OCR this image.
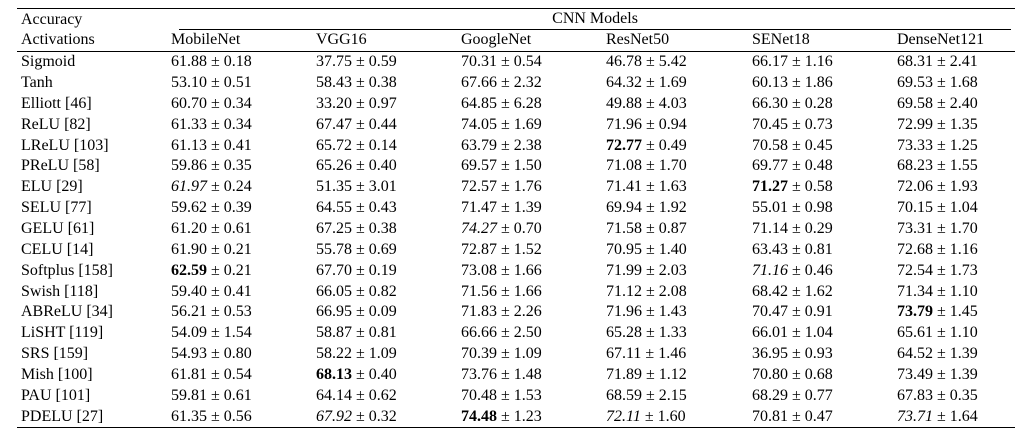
Accuracy	CNN Models					

Activations	MobileNet	VGG16	GoogleNet	ResNet50	SENet18	DenseNet121
Sigmoid	61.88 ± 0.18	37.75 ± 0.59	70.31 ± 0.54	46.78 ± 5.42	66.17 ± 1.16	68.31 ± 2.41
Tanh	53.10 ± 0.51	58.43 ± 0.38	67.66 ± 2.32	64.32 ± 1.69	60.13 ± 1.86	69.53 ± 1.68
Elliott [46]	60.70 ± 0.34	33.20 ± 0.97	64.85 ± 6.28	49.88 ± 4.03	66.30 ± 0.28	69.58 ± 2.40
ReLU [82]	61.33 ± 0.34	67.47 ± 0.44	74.05 ± 1.69	71.96 ± 0.94	70.45 ± 0.73	72.99 ± 1.35
LReLU [103]	61.13 ± 0.41	65.72 ± 0.14	63.79 ± 2.38	72.77 ± 0.49	70.58 ± 0.45	73.33 ± 1.25
PReLU [58]	59.86 ± 0.35	65.26 ± 0.40	69.57 ± 1.50	71.08 ± 1.70	69.77 ± 0.48	68.23 ± 1.55
ELU [29]	61.97 ± 0.24	51.35 ± 3.01	72.57 ± 1.76	71.41 ± 1.63	71.27 ± 0.58	72.06 ± 1.93
SELU [77]	59.62 ± 0.39	64.55 ± 0.43	71.47 ± 1.39	69.94 ± 1.92	55.01 ± 0.98	70.15 ± 1.04
GELU [61]	61.20 ± 0.61	67.25 ± 0.38	74.27 ± 0.70	71.58 ± 0.87	71.14 ± 0.29	73.31 ± 1.70
CELU [14]	61.90 ± 0.21	55.78 ± 0.69	72.87 ± 1.52	70.95 ± 1.40	63.43 ± 0.81	72.68 ± 1.16
Softplus [158]	62.59 ± 0.21	67.70 ± 0.19	73.08 ± 1.66	71.99 ± 2.03	71.16 ± 0.46	72.54 ± 1.73
Swish [118]	59.40 ± 0.41	66.05 ± 0.82	71.56 ± 1.66	71.12 ± 2.08	68.42 ± 1.62	71.34 ± 1.10
ABReLU [34]	56.21 ± 0.53	66.95 ± 0.09	71.83 ± 2.26	71.96 ± 1.43	70.47 ± 0.91	73.79 ± 1.45
LiSHT [119]	54.09 ± 1.54	58.87 ± 0.81	66.66 ± 2.50	65.28 ± 1.33	66.01 ± 1.04	65.61 ± 1.10
SRS [159]	54.93 ± 0.80	58.22 ± 1.09	70.39 ± 1.09	67.11 ± 1.46	36.95 ± 0.93	64.52 ± 1.39
Mish [100]	61.81 ± 0.54	68.13 ± 0.40	73.76 ± 1.48	71.89 ± 1.12	70.80 ± 0.68	73.49 ± 1.39
PAU [101]	59.81 ± 0.61	64.14 ± 0.62	70.48 ± 1.53	68.59 ± 2.15	68.29 ± 0.77	67.83 ± 0.35
PDELU [27]	61.35 ± 0.56	67.92 ± 0.32	74.48 ± 1.23	72.11 ± 1.60	70.81 ± 0.47	73.71 ± 1.64
